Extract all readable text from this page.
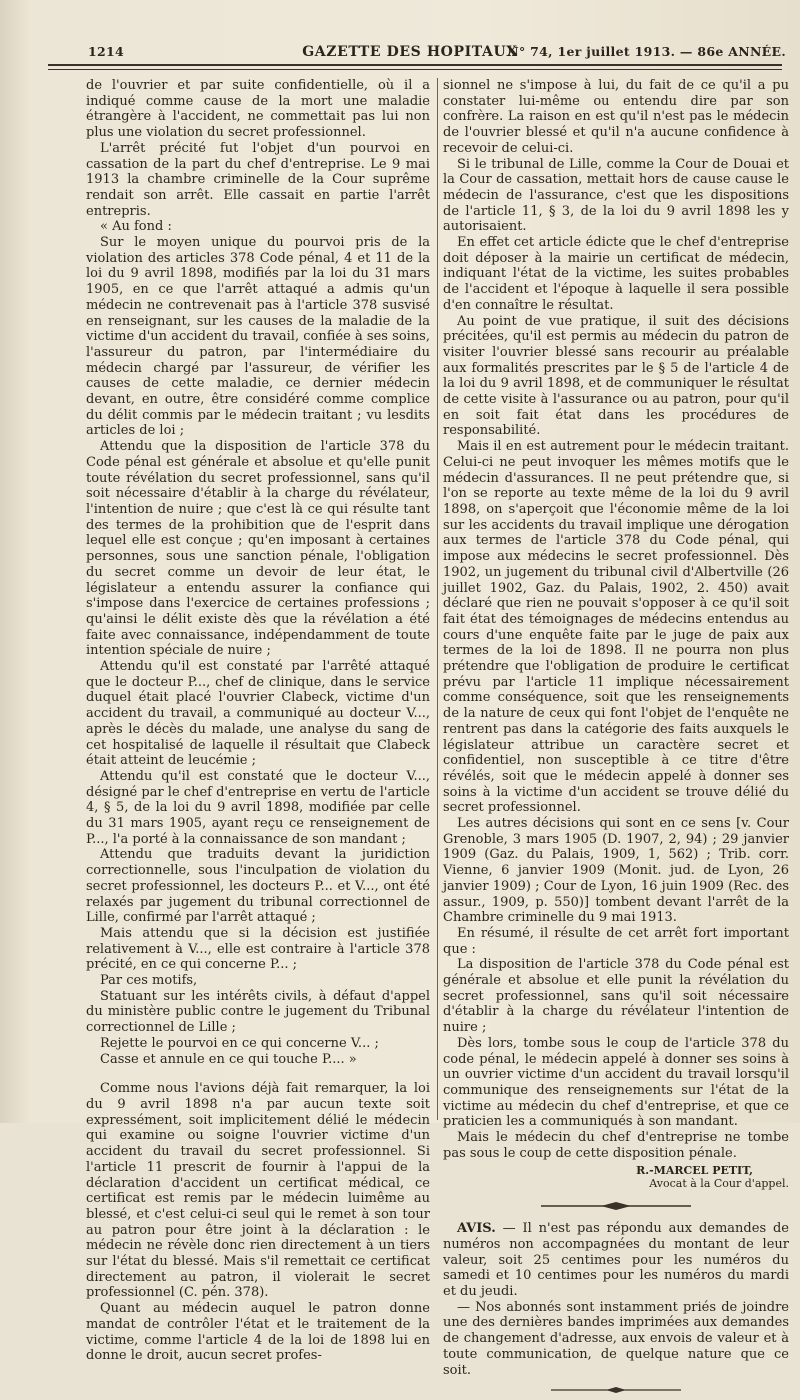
1214	GAZETTE DES HOPITAUX
N° 74, 1er juillet 1913. — 86e ANNÉE.

de l'ouvrier et par suite confidentielle, où il a indiqué comme cause de la mort une maladie étrangère à l'accident, ne commettait pas lui non plus une violation du secret professionnel.

L'arrêt précité fut l'objet d'un pourvoi en cassation de la part du chef d'entreprise. Le 9 mai 1913 la chambre criminelle de la Cour suprême rendait son arrêt. Elle cassait en partie l'arrêt entrepris.

« Au fond :

Sur le moyen unique du pourvoi pris de la violation des articles 378 Code pénal, 4 et 11 de la loi du 9 avril 1898, modifiés par la loi du 31 mars 1905, en ce que l'arrêt attaqué a admis qu'un médecin ne contrevenait pas à l'article 378 susvisé en renseignant, sur les causes de la maladie de la victime d'un accident du travail, confiée à ses soins, l'assureur du patron, par l'intermédiaire du médecin chargé par l'assureur, de vérifier les causes de cette maladie, ce dernier médecin devant, en outre, être considéré comme complice du délit commis par le médecin traitant ; vu lesdits articles de loi ;

Attendu que la disposition de l'article 378 du Code pénal est générale et absolue et qu'elle punit toute révélation du secret professionnel, sans qu'il soit nécessaire d'établir à la charge du révélateur, l'intention de nuire ; que c'est là ce qui résulte tant des termes de la prohibition que de l'esprit dans lequel elle est conçue ; qu'en imposant à certaines personnes, sous une sanction pénale, l'obligation du secret comme un devoir de leur état, le législateur a entendu assurer la confiance qui s'impose dans l'exercice de certaines professions ; qu'ainsi le délit existe dès que la révélation a été faite avec connaissance, indépendamment de toute intention spéciale de nuire ;

Attendu qu'il est constaté par l'arrêté attaqué que le docteur P..., chef de clinique, dans le service duquel était placé l'ouvrier Clabeck, victime d'un accident du travail, a communiqué au docteur V..., après le décès du malade, une analyse du sang de cet hospitalisé de laquelle il résultait que Clabeck était atteint de leucémie ;

Attendu qu'il est constaté que le docteur V..., désigné par le chef d'entreprise en vertu de l'article 4, § 5, de la loi du 9 avril 1898, modifiée par celle du 31 mars 1905, ayant reçu ce renseignement de P..., l'a porté à la connaissance de son mandant ;

Attendu que traduits devant la juridiction correctionnelle, sous l'inculpation de violation du secret professionnel, les docteurs P... et V..., ont été relaxés par jugement du tribunal correctionnel de Lille, confirmé par l'arrêt attaqué ;

Mais attendu que si la décision est justifiée relativement à V..., elle est contraire à l'article 378 précité, en ce qui concerne P... ;

Par ces motifs,

Statuant sur les intérêts civils, à défaut d'appel du ministère public contre le jugement du Tribunal correctionnel de Lille ;

Rejette le pourvoi en ce qui concerne V... ;

Casse et annule en ce qui touche P.... »

Comme nous l'avions déjà fait remarquer, la loi du 9 avril 1898 n'a par aucun texte soit expressément, soit implicitement délié le médecin qui examine ou soigne l'ouvrier victime d'un accident du travail du secret professionnel. Si l'article 11 prescrit de fournir à l'appui de la déclaration d'accident un certificat médical, ce certificat est remis par le médecin luimême au blessé, et c'est celui-ci seul qui le remet à son tour au patron pour être joint à la déclaration : le médecin ne révèle donc rien directement à un tiers sur l'état du blessé. Mais s'il remettait ce certificat directement au patron, il violerait le secret professionnel (C. pén. 378).

Quant au médecin auquel le patron donne mandat de contrôler l'état et le traitement de la victime, comme l'article 4 de la loi de 1898 lui en donne le droit, aucun secret profes-

sionnel ne s'impose à lui, du fait de ce qu'il a pu constater lui-même ou entendu dire par son confrère. La raison en est qu'il n'est pas le médecin de l'ouvrier blessé et qu'il n'a aucune confidence à recevoir de celui-ci.

Si le tribunal de Lille, comme la Cour de Douai et la Cour de cassation, mettait hors de cause cause le médecin de l'assurance, c'est que les dispositions de l'article 11, § 3, de la loi du 9 avril 1898 les y autorisaient.

En effet cet article édicte que le chef d'entreprise doit déposer à la mairie un certificat de médecin, indiquant l'état de la victime, les suites probables de l'accident et l'époque à laquelle il sera possible d'en connaître le résultat.

Au point de vue pratique, il suit des décisions précitées, qu'il est permis au médecin du patron de visiter l'ouvrier blessé sans recourir au préalable aux formalités prescrites par le § 5 de l'article 4 de la loi du 9 avril 1898, et de communiquer le résultat de cette visite à l'assurance ou au patron, pour qu'il en soit fait état dans les procédures de responsabilité.

Mais il en est autrement pour le médecin traitant. Celui-ci ne peut invoquer les mêmes motifs que le médecin d'assurances. Il ne peut prétendre que, si l'on se reporte au texte même de la loi du 9 avril 1898, on s'aperçoit que l'économie même de la loi sur les accidents du travail implique une dérogation aux termes de l'article 378 du Code pénal, qui impose aux médecins le secret professionnel. Dès 1902, un jugement du tribunal civil d'Albertville (26 juillet 1902, Gaz. du Palais, 1902, 2. 450) avait déclaré que rien ne pouvait s'opposer à ce qu'il soit fait état des témoignages de médecins entendus au cours d'une enquête faite par le juge de paix aux termes de la loi de 1898. Il ne pourra non plus prétendre que l'obligation de produire le certificat prévu par l'article 11 implique nécessairement comme conséquence, soit que les renseignements de la nature de ceux qui font l'objet de l'enquête ne rentrent pas dans la catégorie des faits auxquels le législateur attribue un caractère secret et confidentiel, non susceptible à ce titre d'être révélés, soit que le médecin appelé à donner ses soins à la victime d'un accident se trouve délié du secret professionnel.

Les autres décisions qui sont en ce sens [v. Cour Grenoble, 3 mars 1905 (D. 1907, 2, 94) ; 29 janvier 1909 (Gaz. du Palais, 1909, 1, 562) ; Trib. corr. Vienne, 6 janvier 1909 (Monit. jud. de Lyon, 26 janvier 1909) ; Cour de Lyon, 16 juin 1909 (Rec. des assur., 1909, p. 550)] tombent devant l'arrêt de la Chambre criminelle du 9 mai 1913.

En résumé, il résulte de cet arrêt fort important que :

La disposition de l'article 378 du Code pénal est générale et absolue et elle punit la révélation du secret professionnel, sans qu'il soit nécessaire d'établir à la charge du révélateur l'intention de nuire ;

Dès lors, tombe sous le coup de l'article 378 du code pénal, le médecin appelé à donner ses soins à un ouvrier victime d'un accident du travail lorsqu'il communique des renseignements sur l'état de la victime au médecin du chef d'entreprise, et que ce praticien les a communiqués à son mandant.

Mais le médecin du chef d'entreprise ne tombe pas sous le coup de cette disposition pénale.

R.-MARCEL PETIT,
Avocat à la Cour d'appel.

AVIS. — Il n'est pas répondu aux demandes de numéros non accompagnées du montant de leur valeur, soit 25 centimes pour les numéros du samedi et 10 centimes pour les numéros du mardi et du jeudi.

— Nos abonnés sont instamment priés de joindre une des dernières bandes imprimées aux demandes de changement d'adresse, aux envois de valeur et à toute communication, de quelque nature que ce soit.
